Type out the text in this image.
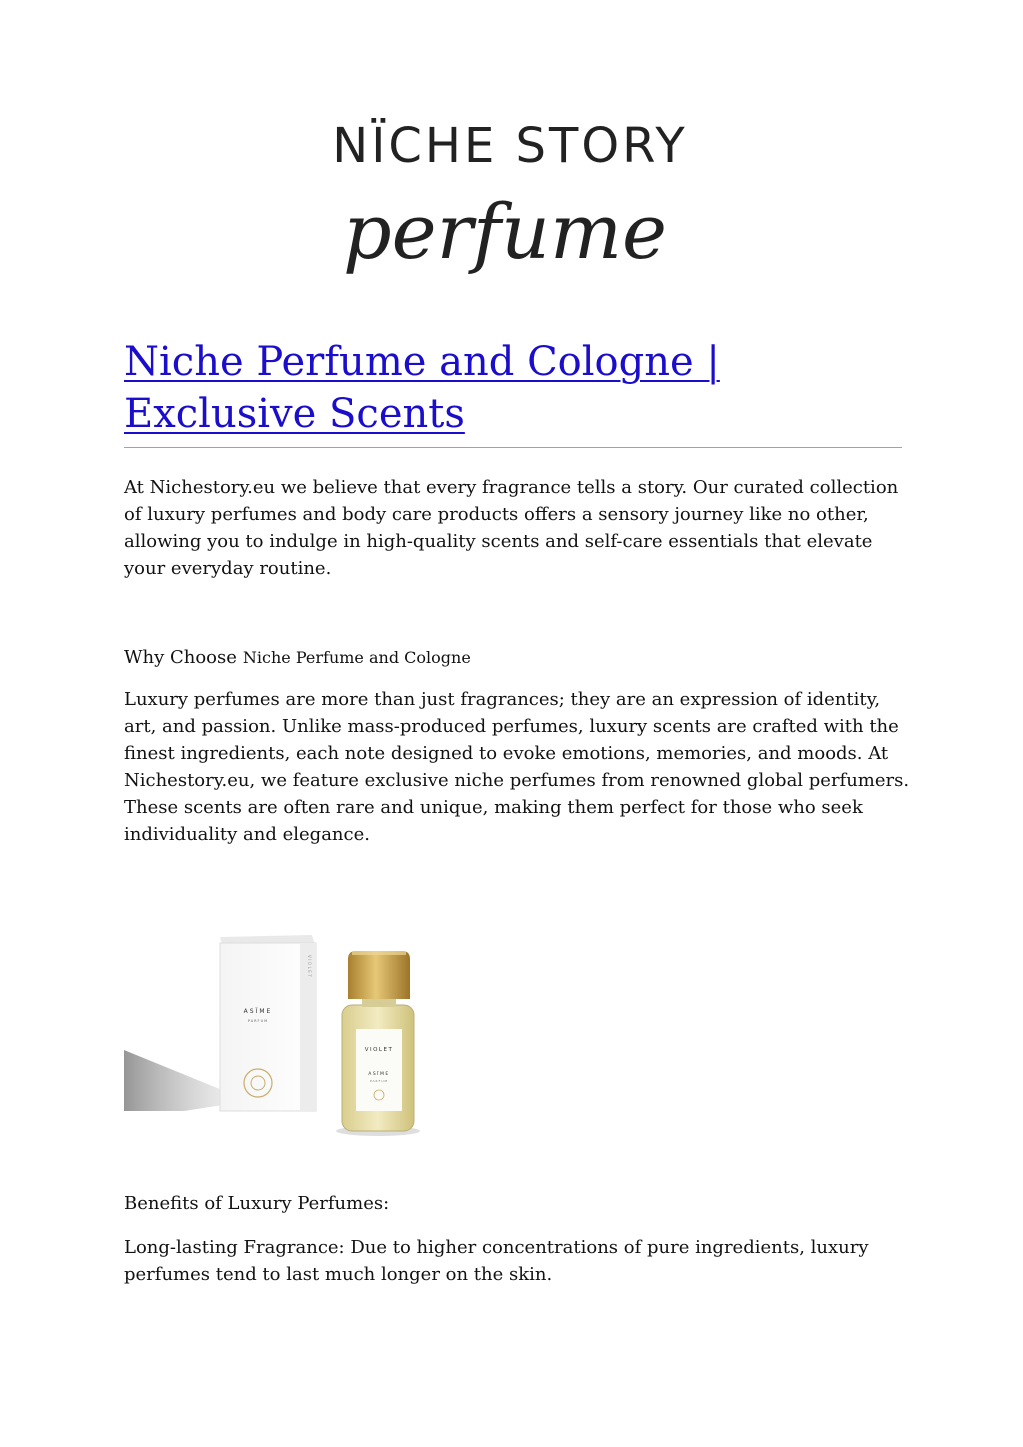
NÏCHE STORY
perfume
Niche Perfume and Cologne |
Exclusive Scents

At Nichestory.eu we believe that every fragrance tells a story. Our curated collection of luxury perfumes and body care products offers a sensory journey like no other, allowing you to indulge in high-quality scents and self-care essentials that elevate your everyday routine.

Why Choose Niche Perfume and Cologne

Luxury perfumes are more than just fragrances; they are an expression of identity, art, and passion. Unlike mass-produced perfumes, luxury scents are crafted with the finest ingredients, each note designed to evoke emotions, memories, and moods. At Nichestory.eu, we feature exclusive niche perfumes from renowned global perfumers. These scents are often rare and unique, making them perfect for those who seek individuality and elegance.

ASÏME
PARFUM
VIOLET
VIOLET
ASÏME
PARFUM

Benefits of Luxury Perfumes:

Long-lasting Fragrance: Due to higher concentrations of pure ingredients, luxury perfumes tend to last much longer on the skin.
